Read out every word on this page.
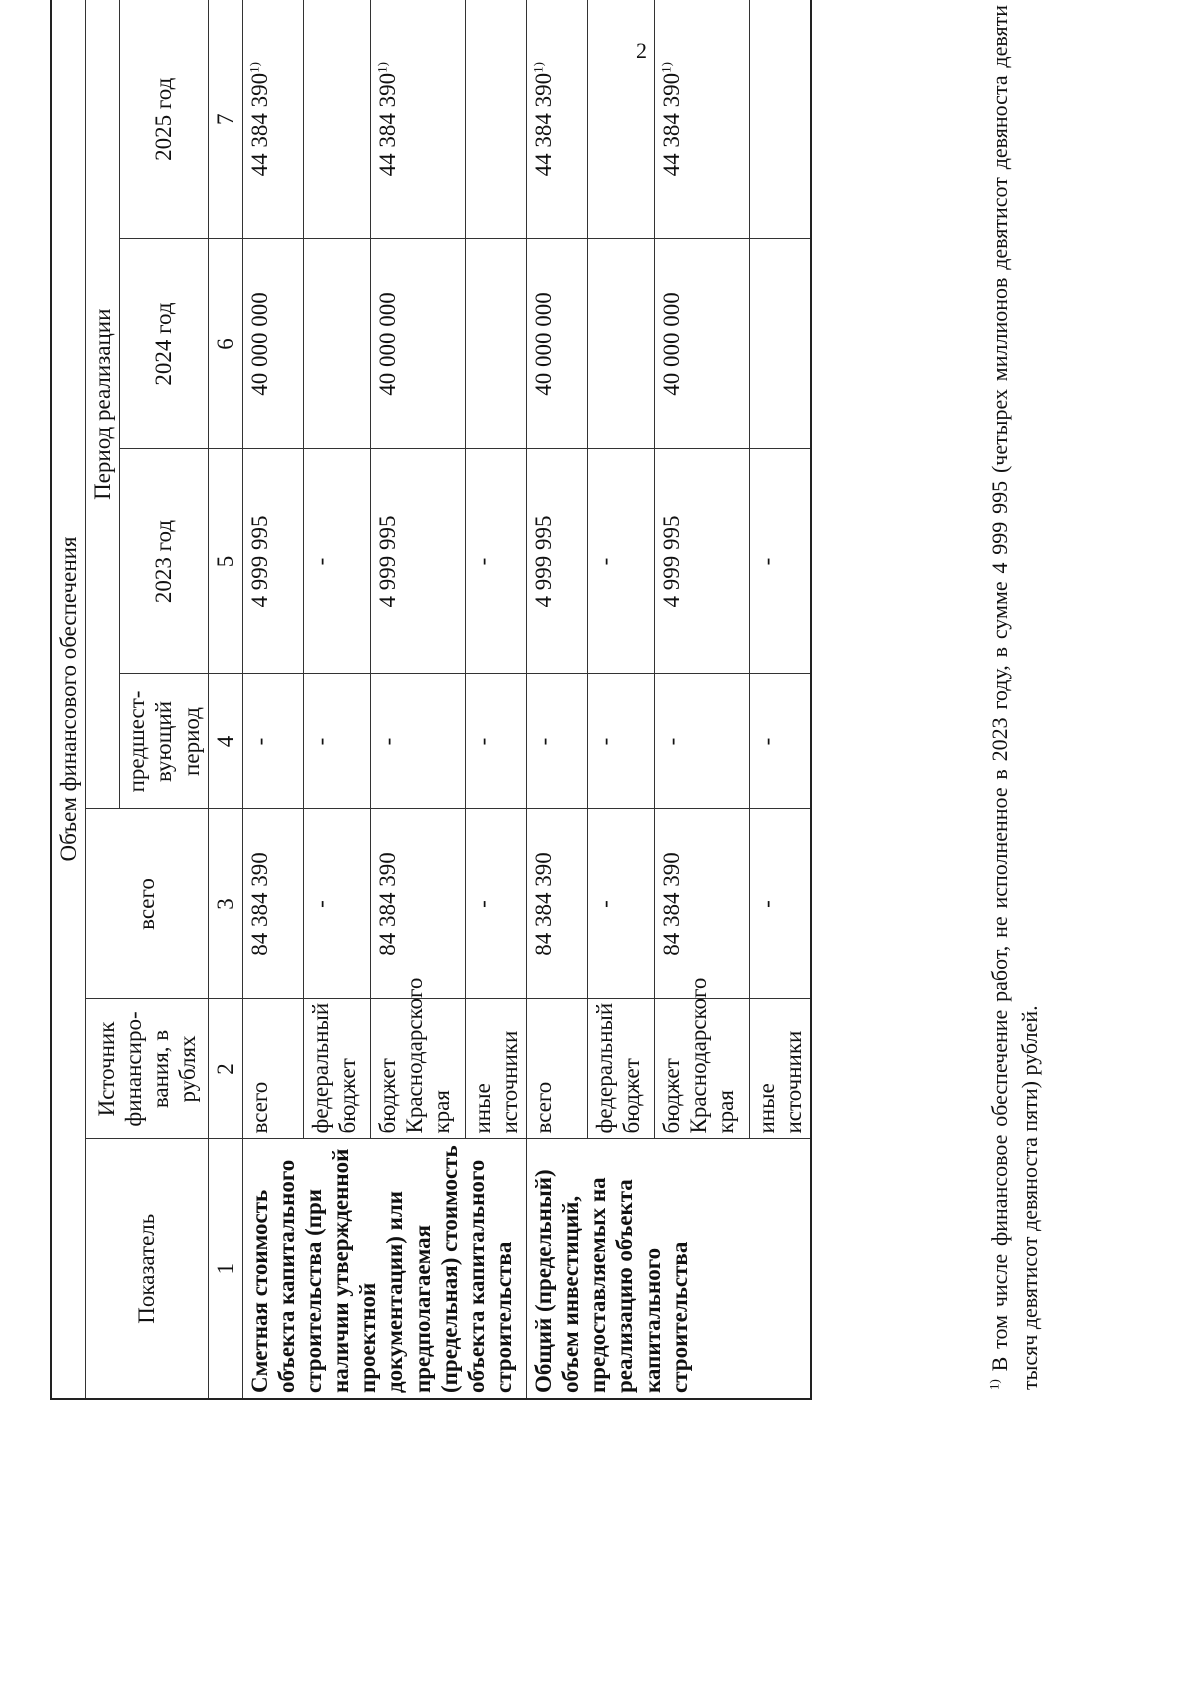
2
Объем финансового обеспечения						
Показатель	Источник финансиро-вания, в рублях	всего	Период реализации			
			предшест-вующий период	2023 год	2024 год	2025 год
1	2	3	4	5	6	7
Сметная стоимость объекта капитального строительства (при наличии утвержденной проектной документации) или предполагаемая (предельная) стоимость объекта капитального строительства	всего	84 384 390	-	4 999 995	40 000 000	44 384 390$^{1)}$
	федеральный бюджет	-	-	-		
	бюджет Краснодарского края	84 384 390	-	4 999 995	40 000 000	44 384 390$^{1)}$
	иные источники	-	-	-		
Общий (предельный) объем инвестиций, предоставляемых на реализацию объекта капитального строительства	всего	84 384 390	-	4 999 995	40 000 000	44 384 390$^{1)}$
	федеральный бюджет	-	-	-		
	бюджет Краснодарского края	84 384 390	-	4 999 995	40 000 000	44 384 390$^{1)}$
	иные источники	-	-	-		
$^{1)}$ В том числе финансовое обеспечение работ, не исполненное в 2023 году, в сумме 4 999 995 (четырех миллионов девятисот девяноста девяти тысяч девятисот девяноста пяти) рублей.
